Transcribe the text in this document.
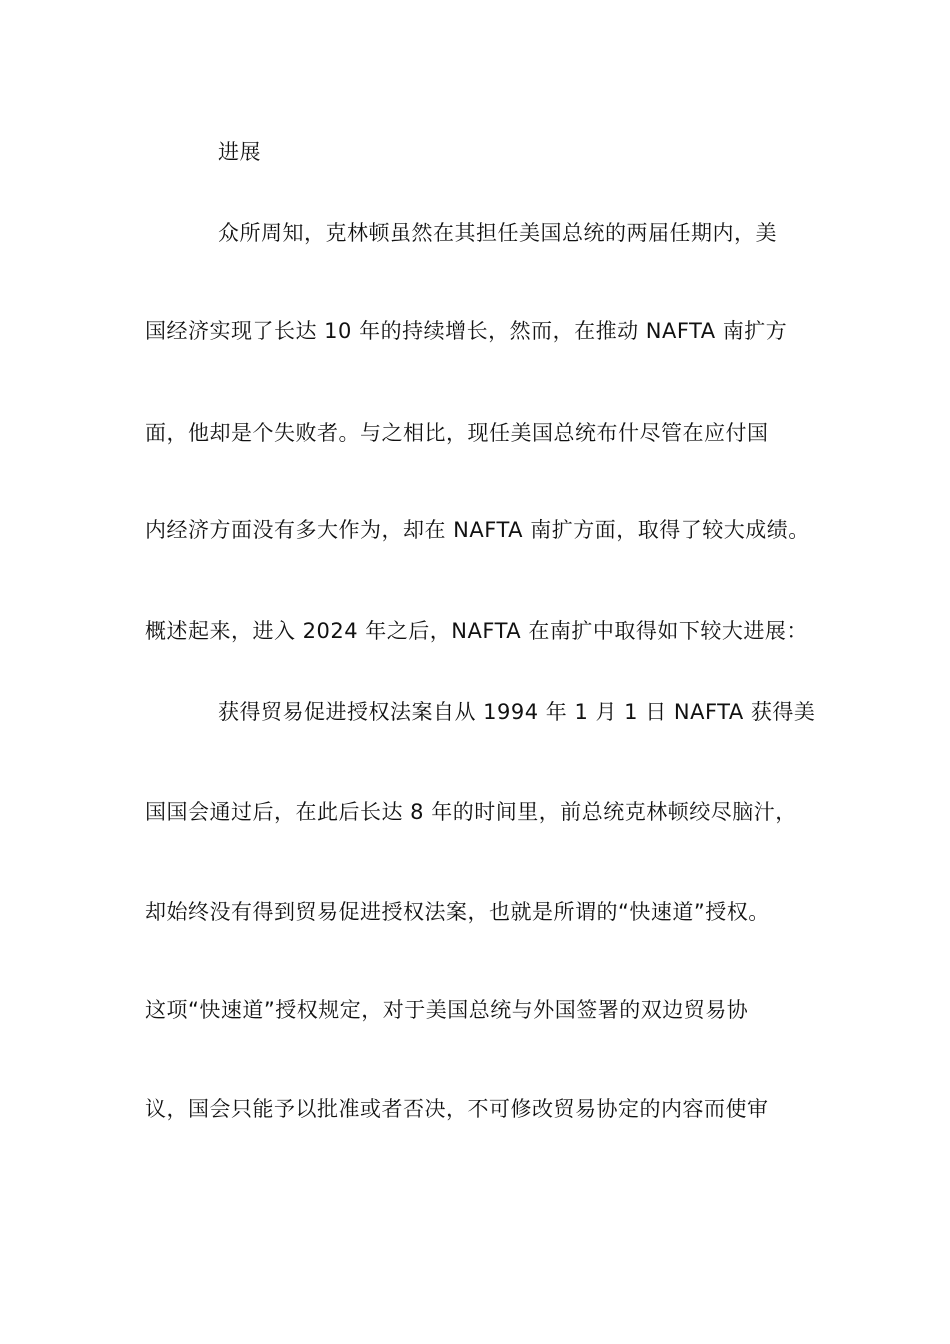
进展
众所周知，克林顿虽然在其担任美国总统的两届任期内，美
国经济实现了长达 10 年的持续增长，然而，在推动 NAFTA 南扩方
面，他却是个失败者。与之相比，现任美国总统布什尽管在应付国
内经济方面没有多大作为，却在 NAFTA 南扩方面，取得了较大成绩。
概述起来，进入 2024 年之后，NAFTA 在南扩中取得如下较大进展：
获得贸易促进授权法案自从 1994 年 1 月 1 日 NAFTA 获得美
国国会通过后，在此后长达 8 年的时间里，前总统克林顿绞尽脑汁，
却始终没有得到贸易促进授权法案，也就是所谓的“快速道”授权。
这项“快速道”授权规定，对于美国总统与外国签署的双边贸易协
议，国会只能予以批准或者否决，不可修改贸易协定的内容而使审
